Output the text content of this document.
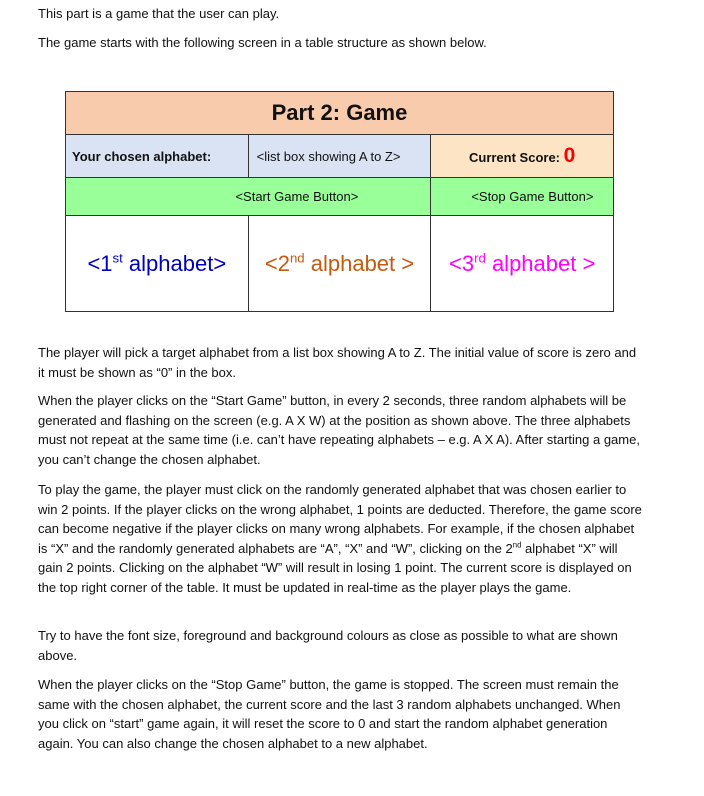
This part is a game that the user can play.

The game starts with the following screen in a table structure as shown below.

Part 2: Game		
Your chosen alphabet:	<list box showing A to Z>	Current Score: 0
<Start Game Button>		<Stop Game Button>
<1st alphabet>	<2nd alphabet >	<3rd alphabet >

The player will pick a target alphabet from a list box showing A to Z. The initial value of score is zero and it must be shown as “0” in the box.

When the player clicks on the “Start Game” button, in every 2 seconds, three random alphabets will be generated and flashing on the screen (e.g. A X W) at the position as shown above. The three alphabets must not repeat at the same time (i.e. can’t have repeating alphabets – e.g. A X A). After starting a game, you can’t change the chosen alphabet.

To play the game, the player must click on the randomly generated alphabet that was chosen earlier to win 2 points. If the player clicks on the wrong alphabet, 1 points are deducted. Therefore, the game score can become negative if the player clicks on many wrong alphabets. For example, if the chosen alphabet is “X” and the randomly generated alphabets are “A”, “X” and “W”, clicking on the 2nd alphabet “X” will gain 2 points. Clicking on the alphabet “W” will result in losing 1 point. The current score is displayed on the top right corner of the table. It must be updated in real-time as the player plays the game.

Try to have the font size, foreground and background colours as close as possible to what are shown above.

When the player clicks on the “Stop Game” button, the game is stopped. The screen must remain the same with the chosen alphabet, the current score and the last 3 random alphabets unchanged. When you click on “start” game again, it will reset the score to 0 and start the random alphabet generation again. You can also change the chosen alphabet to a new alphabet.
